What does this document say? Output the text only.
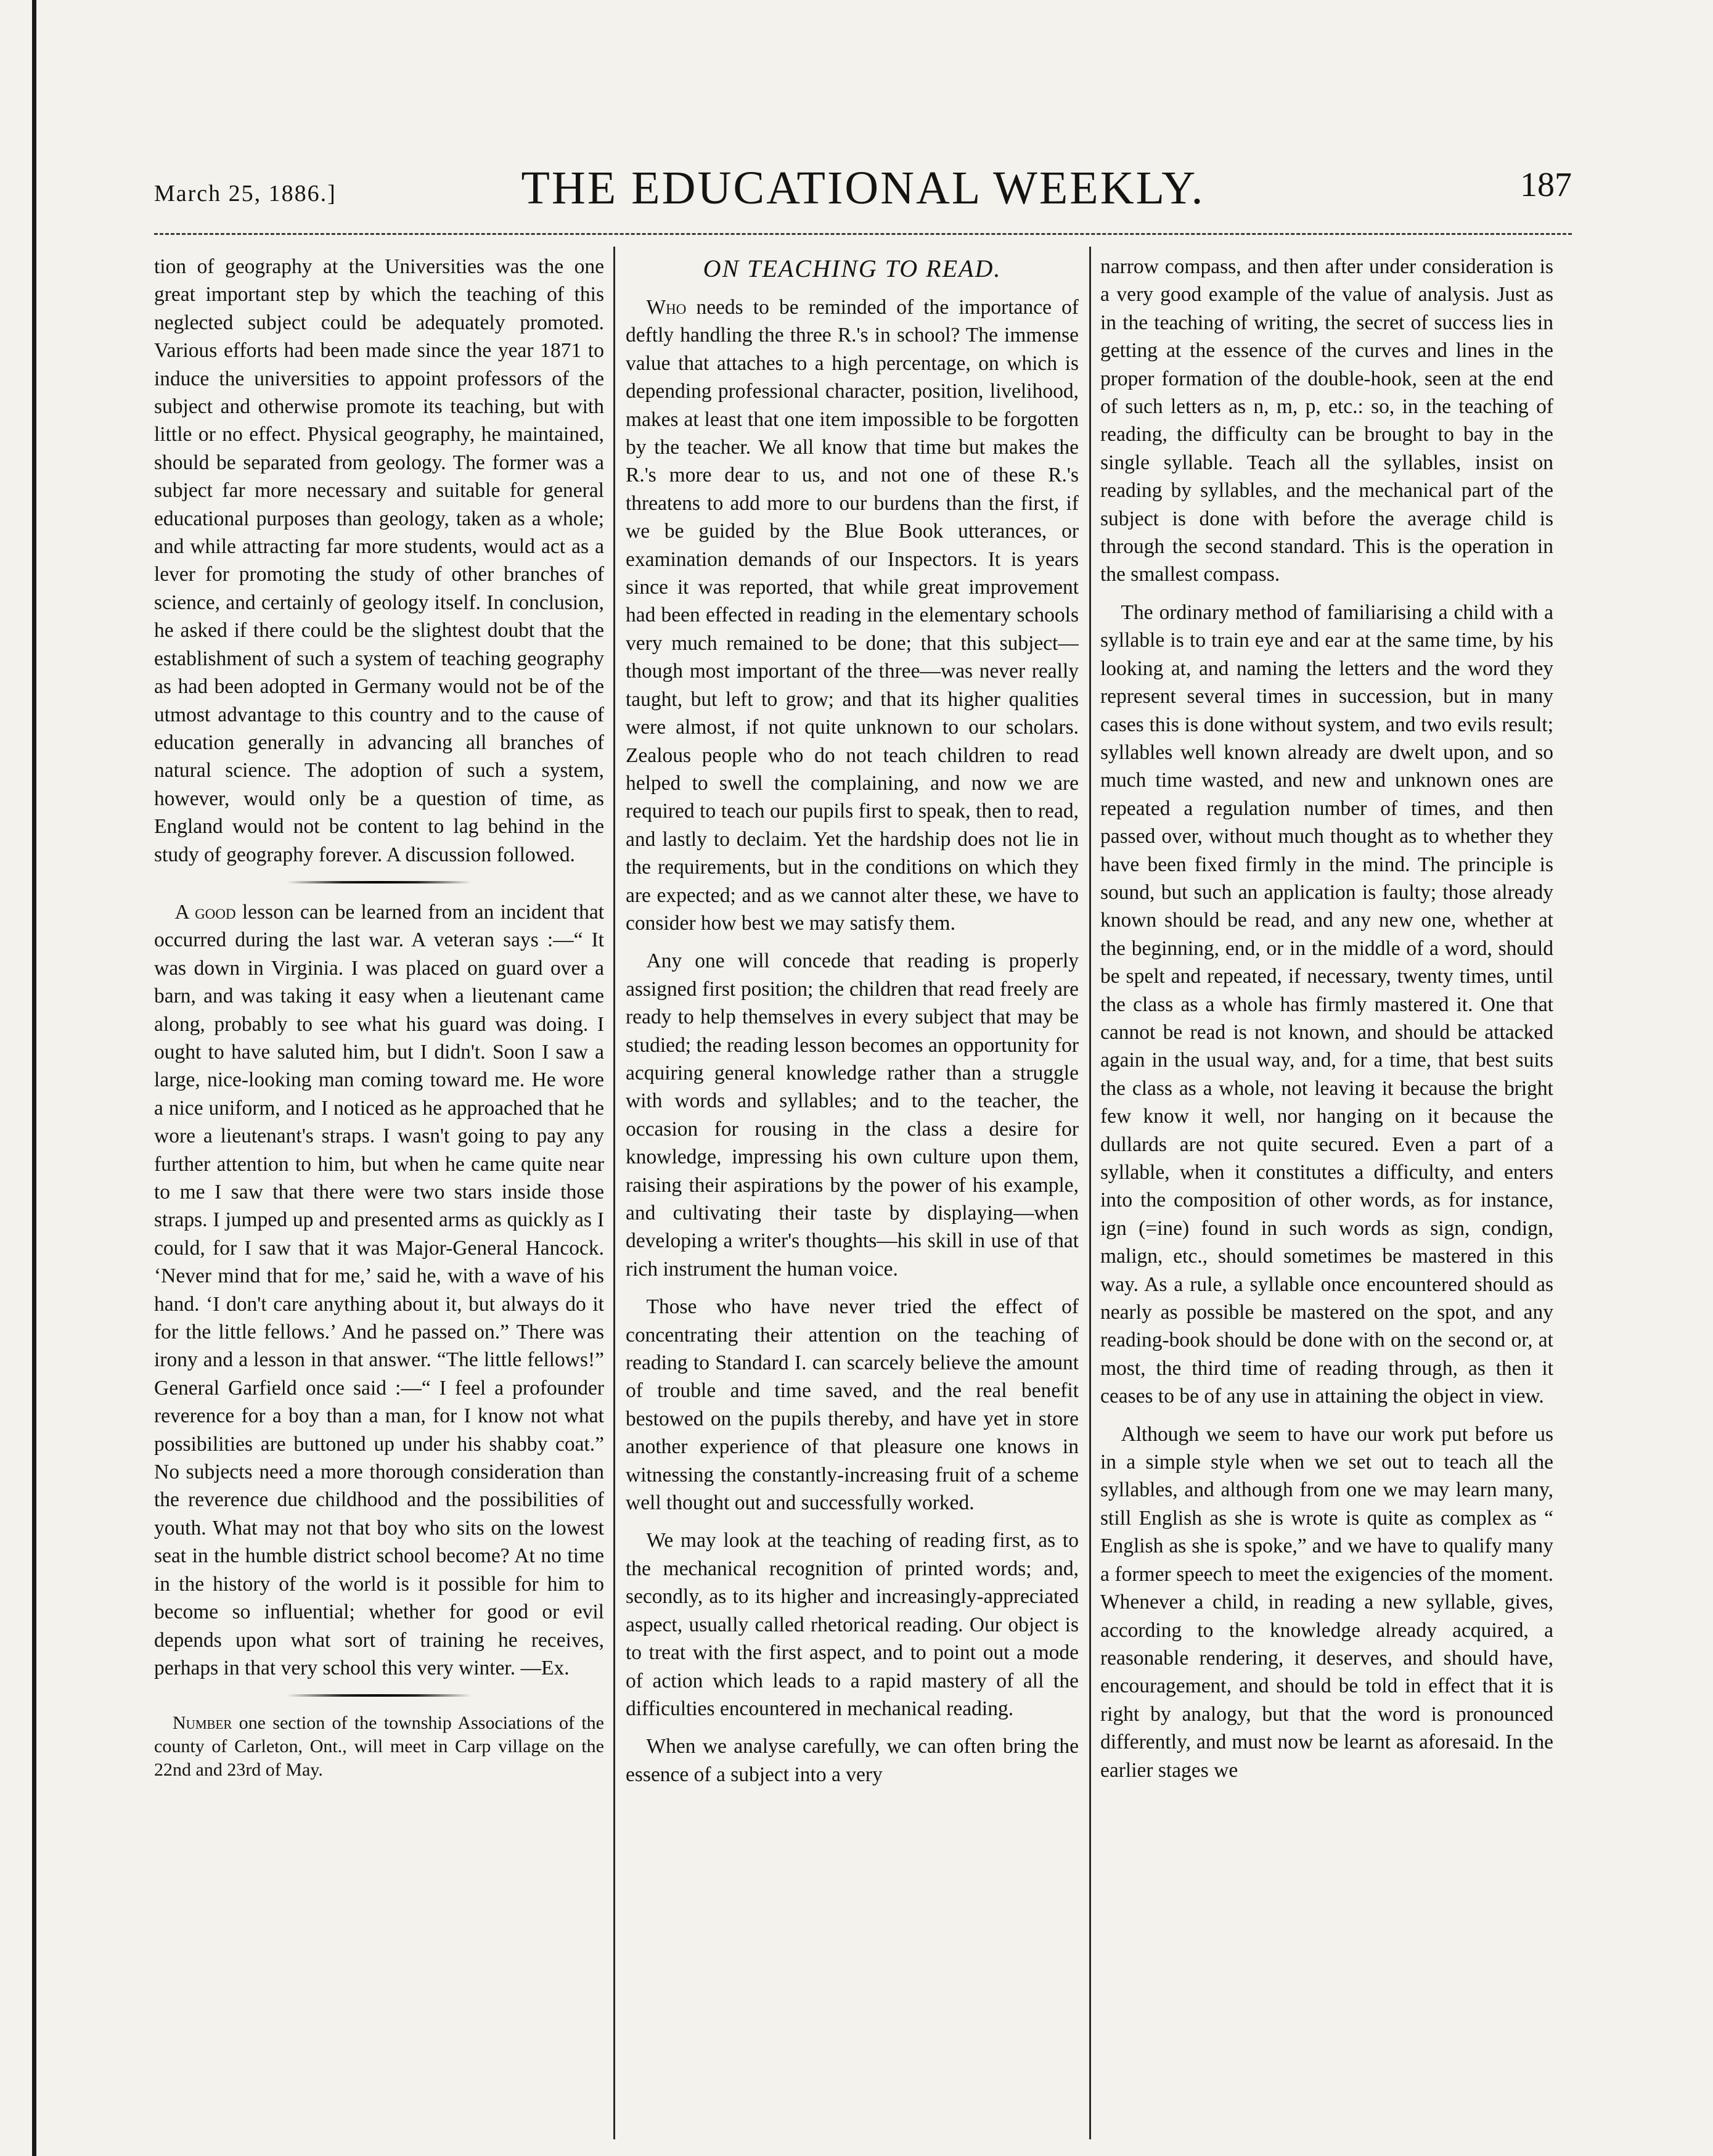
March 25, 1886.]	THE EDUCATIONAL WEEKLY.	187

tion of geography at the Universities was the one great important step by which the teaching of this neglected subject could be adequately promoted. Various efforts had been made since the year 1871 to induce the universities to appoint professors of the subject and otherwise promote its teaching, but with little or no effect. Physical geography, he maintained, should be separated from geology. The former was a subject far more necessary and suitable for general educational purposes than geology, taken as a whole; and while attracting far more students, would act as a lever for promoting the study of other branches of science, and certainly of geology itself. In conclusion, he asked if there could be the slightest doubt that the establishment of such a system of teaching geography as had been adopted in Germany would not be of the utmost advantage to this country and to the cause of education generally in advancing all branches of natural science. The adoption of such a system, however, would only be a question of time, as England would not be content to lag behind in the study of geography forever. A discussion followed.

 A good lesson can be learned from an incident that occurred during the last war. A veteran says :—“ It was down in Virginia. I was placed on guard over a barn, and was taking it easy when a lieutenant came along, probably to see what his guard was doing. I ought to have saluted him, but I didn't. Soon I saw a large, nice-looking man coming toward me. He wore a nice uniform, and I noticed as he approached that he wore a lieutenant's straps. I wasn't going to pay any further attention to him, but when he came quite near to me I saw that there were two stars inside those straps. I jumped up and presented arms as quickly as I could, for I saw that it was Major-General Hancock. ‘Never mind that for me,’ said he, with a wave of his hand. ‘I don't care anything about it, but always do it for the little fellows.’ And he passed on.” There was irony and a lesson in that answer. “The little fellows!” General Garfield once said :—“ I feel a profounder reverence for a boy than a man, for I know not what possibilities are buttoned up under his shabby coat.” No subjects need a more thorough consideration than the reverence due childhood and the possibilities of youth. What may not that boy who sits on the lowest seat in the humble district school become? At no time in the history of the world is it possible for him to become so influential; whether for good or evil depends upon what sort of training he receives, perhaps in that very school this very winter. —Ex.

 Number one section of the township Associations of the county of Carleton, Ont., will meet in Carp village on the 22nd and 23rd of May.

ON TEACHING TO READ.

 Who needs to be reminded of the importance of deftly handling the three R.'s in school? The immense value that attaches to a high percentage, on which is depending professional character, position, livelihood, makes at least that one item impossible to be forgotten by the teacher. We all know that time but makes the R.'s more dear to us, and not one of these R.'s threatens to add more to our burdens than the first, if we be guided by the Blue Book utterances, or examination demands of our Inspectors. It is years since it was reported, that while great improvement had been effected in reading in the elementary schools very much remained to be done; that this subject—though most important of the three—was never really taught, but left to grow; and that its higher qualities were almost, if not quite unknown to our scholars. Zealous people who do not teach children to read helped to swell the complaining, and now we are required to teach our pupils first to speak, then to read, and lastly to declaim. Yet the hardship does not lie in the requirements, but in the conditions on which they are expected; and as we cannot alter these, we have to consider how best we may satisfy them.

 Any one will concede that reading is properly assigned first position; the children that read freely are ready to help themselves in every subject that may be studied; the reading lesson becomes an opportunity for acquiring general knowledge rather than a struggle with words and syllables; and to the teacher, the occasion for rousing in the class a desire for knowledge, impressing his own culture upon them, raising their aspirations by the power of his example, and cultivating their taste by displaying—when developing a writer's thoughts—his skill in use of that rich instrument the human voice.

 Those who have never tried the effect of concentrating their attention on the teaching of reading to Standard I. can scarcely believe the amount of trouble and time saved, and the real benefit bestowed on the pupils thereby, and have yet in store another experience of that pleasure one knows in witnessing the constantly-increasing fruit of a scheme well thought out and successfully worked.

 We may look at the teaching of reading first, as to the mechanical recognition of printed words; and, secondly, as to its higher and increasingly-appreciated aspect, usually called rhetorical reading. Our object is to treat with the first aspect, and to point out a mode of action which leads to a rapid mastery of all the difficulties encountered in mechanical reading.

 When we analyse carefully, we can often bring the essence of a subject into a very

narrow compass, and then after under consideration is a very good example of the value of analysis. Just as in the teaching of writing, the secret of success lies in getting at the essence of the curves and lines in the proper formation of the double-hook, seen at the end of such letters as n, m, p, etc.: so, in the teaching of reading, the difficulty can be brought to bay in the single syllable. Teach all the syllables, insist on reading by syllables, and the mechanical part of the subject is done with before the average child is through the second standard. This is the operation in the smallest compass.

 The ordinary method of familiarising a child with a syllable is to train eye and ear at the same time, by his looking at, and naming the letters and the word they represent several times in succession, but in many cases this is done without system, and two evils result; syllables well known already are dwelt upon, and so much time wasted, and new and unknown ones are repeated a regulation number of times, and then passed over, without much thought as to whether they have been fixed firmly in the mind. The principle is sound, but such an application is faulty; those already known should be read, and any new one, whether at the beginning, end, or in the middle of a word, should be spelt and repeated, if necessary, twenty times, until the class as a whole has firmly mastered it. One that cannot be read is not known, and should be attacked again in the usual way, and, for a time, that best suits the class as a whole, not leaving it because the bright few know it well, nor hanging on it because the dullards are not quite secured. Even a part of a syllable, when it constitutes a difficulty, and enters into the composition of other words, as for instance, ign (=ine) found in such words as sign, condign, malign, etc., should sometimes be mastered in this way. As a rule, a syllable once encountered should as nearly as possible be mastered on the spot, and any reading-book should be done with on the second or, at most, the third time of reading through, as then it ceases to be of any use in attaining the object in view.

 Although we seem to have our work put before us in a simple style when we set out to teach all the syllables, and although from one we may learn many, still English as she is wrote is quite as complex as “ English as she is spoke,” and we have to qualify many a former speech to meet the exigencies of the moment. Whenever a child, in reading a new syllable, gives, according to the knowledge already acquired, a reasonable rendering, it deserves, and should have, encouragement, and should be told in effect that it is right by analogy, but that the word is pronounced differently, and must now be learnt as aforesaid. In the earlier stages we
